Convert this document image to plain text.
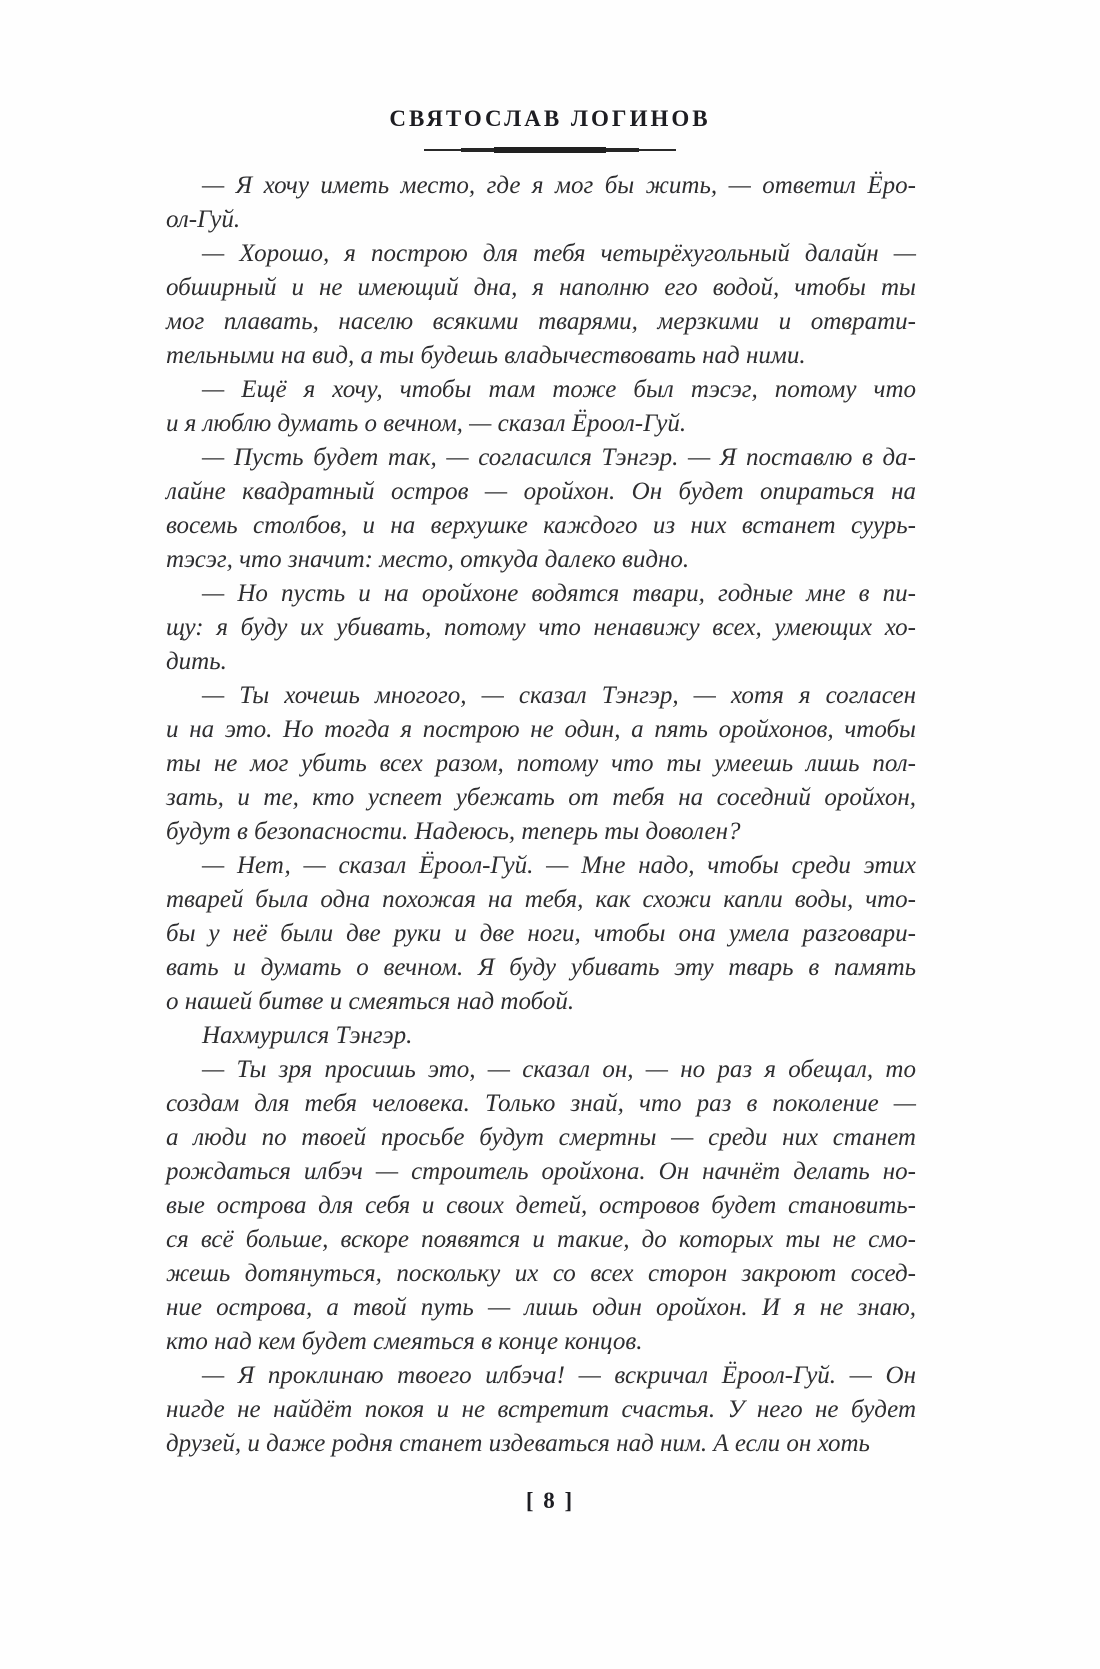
СВЯТОСЛАВ ЛОГИНОВ
— Я хочу иметь место, где я мог бы жить, — ответил Ёро-
ол-Гуй.
— Хорошо, я построю для тебя четырёхугольный далайн —
обширный и не имеющий дна, я наполню его водой, чтобы ты
мог плавать, населю всякими тварями, мерзкими и отврати-
тельными на вид, а ты будешь владычествовать над ними.
— Ещё я хочу, чтобы там тоже был тэсэг, потому что
и я люблю думать о вечном, — сказал Ёроол-Гуй.
— Пусть будет так, — согласился Тэнгэр. — Я поставлю в да-
лайне квадратный остров — оройхон. Он будет опираться на
восемь столбов, и на верхушке каждого из них встанет суурь-
тэсэг, что значит: место, откуда далеко видно.
— Но пусть и на оройхоне водятся твари, годные мне в пи-
щу: я буду их убивать, потому что ненавижу всех, умеющих хо-
дить.
— Ты хочешь многого, — сказал Тэнгэр, — хотя я согласен
и на это. Но тогда я построю не один, а пять оройхонов, чтобы
ты не мог убить всех разом, потому что ты умеешь лишь пол-
зать, и те, кто успеет убежать от тебя на соседний оройхон,
будут в безопасности. Надеюсь, теперь ты доволен?
— Нет, — сказал Ёроол-Гуй. — Мне надо, чтобы среди этих
тварей была одна похожая на тебя, как схожи капли воды, что-
бы у неё были две руки и две ноги, чтобы она умела разговари-
вать и думать о вечном. Я буду убивать эту тварь в память
о нашей битве и смеяться над тобой.
Нахмурился Тэнгэр.
— Ты зря просишь это, — сказал он, — но раз я обещал, то
создам для тебя человека. Только знай, что раз в поколение —
а люди по твоей просьбе будут смертны — среди них станет
рождаться илбэч — строитель оройхона. Он начнёт делать но-
вые острова для себя и своих детей, островов будет становить-
ся всё больше, вскоре появятся и такие, до которых ты не смо-
жешь дотянуться, поскольку их со всех сторон закроют сосед-
ние острова, а твой путь — лишь один оройхон. И я не знаю,
кто над кем будет смеяться в конце концов.
— Я проклинаю твоего илбэча! — вскричал Ёроол-Гуй. — Он
нигде не найдёт покоя и не встретит счастья. У него не будет
друзей, и даже родня станет издеваться над ним. А если он хоть
[ 8 ]
